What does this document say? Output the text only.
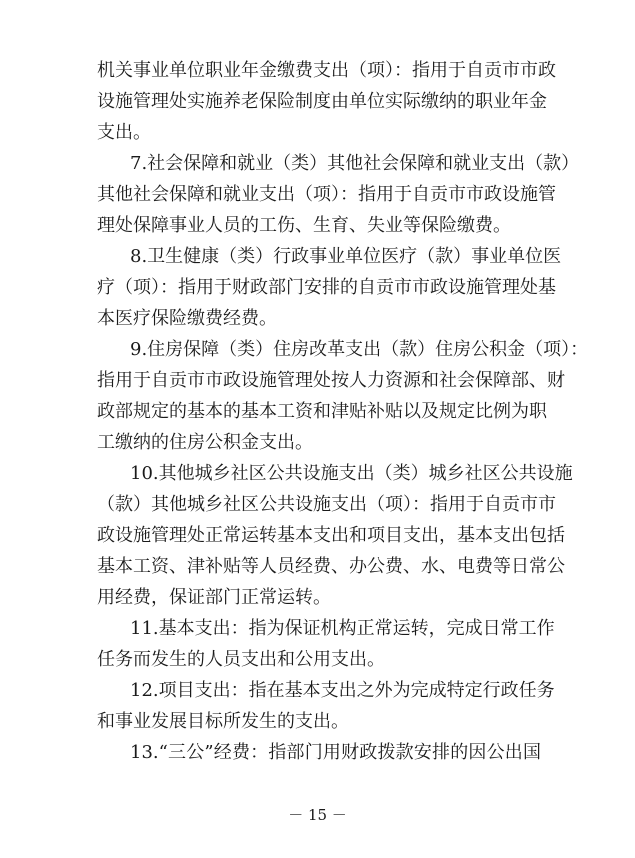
机关事业单位职业年金缴费支出（项）：指用于自贡市市政
设施管理处实施养老保险制度由单位实际缴纳的职业年金
支出。
7.社会保障和就业（类）其他社会保障和就业支出（款）
其他社会保障和就业支出（项）：指用于自贡市市政设施管
理处保障事业人员的工伤、生育、失业等保险缴费。
8.卫生健康（类）行政事业单位医疗（款）事业单位医
疗（项）：指用于财政部门安排的自贡市市政设施管理处基
本医疗保险缴费经费。
9.住房保障（类）住房改革支出（款）住房公积金（项）：
指用于自贡市市政设施管理处按人力资源和社会保障部、财
政部规定的基本的基本工资和津贴补贴以及规定比例为职
工缴纳的住房公积金支出。
10.其他城乡社区公共设施支出（类）城乡社区公共设施
（款）其他城乡社区公共设施支出（项）：指用于自贡市市
政设施管理处正常运转基本支出和项目支出，基本支出包括
基本工资、津补贴等人员经费、办公费、水、电费等日常公
用经费，保证部门正常运转。
11.基本支出：指为保证机构正常运转，完成日常工作
任务而发生的人员支出和公用支出。
12.项目支出：指在基本支出之外为完成特定行政任务
和事业发展目标所发生的支出。
13.“三公”经费：指部门用财政拨款安排的因公出国
－ 15 －
